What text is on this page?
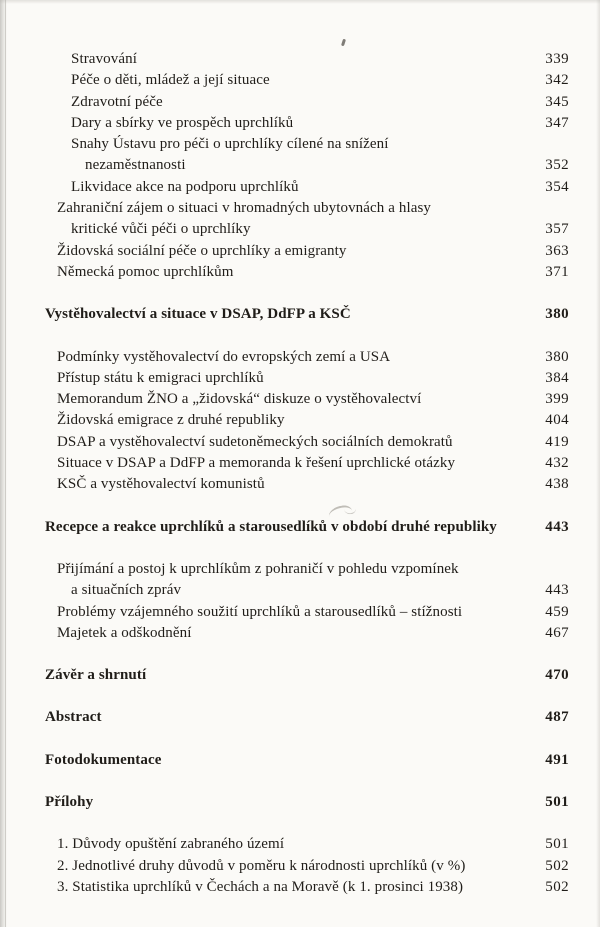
Stravování	339
Péče o děti, mládež a její situace	342
Zdravotní péče	345
Dary a sbírky ve prospěch uprchlíků	347
Snahy Ústavu pro péči o uprchlíky cílené na snížení
nezaměstnanosti	352
Likvidace akce na podporu uprchlíků	354
Zahraniční zájem o situaci v hromadných ubytovnách a hlasy
kritické vůči péči o uprchlíky	357
Židovská sociální péče o uprchlíky a emigranty	363
Německá pomoc uprchlíkům	371
Vystěhovalectví a situace v DSAP, DdFP a KSČ	380
Podmínky vystěhovalectví do evropských zemí a USA	380
Přístup státu k emigraci uprchlíků	384
Memorandum ŽNO a „židovská“ diskuze o vystěhovalectví	399
Židovská emigrace z druhé republiky	404
DSAP a vystěhovalectví sudetoněmeckých sociálních demokratů	419
Situace v DSAP a DdFP a memoranda k řešení uprchlické otázky	432
KSČ a vystěhovalectví komunistů	438
Recepce a reakce uprchlíků a starousedlíků v období druhé republiky	443
Přijímání a postoj k uprchlíkům z pohraničí v pohledu vzpomínek
a situačních zpráv	443
Problémy vzájemného soužití uprchlíků a starousedlíků – stížnosti	459
Majetek a odškodnění	467
Závěr a shrnutí	470
Abstract	487
Fotodokumentace	491
Přílohy	501
1. Důvody opuštění zabraného území	501
2. Jednotlivé druhy důvodů v poměru k národnosti uprchlíků (v %)	502
3. Statistika uprchlíků v Čechách a na Moravě (k 1. prosinci 1938)	502
